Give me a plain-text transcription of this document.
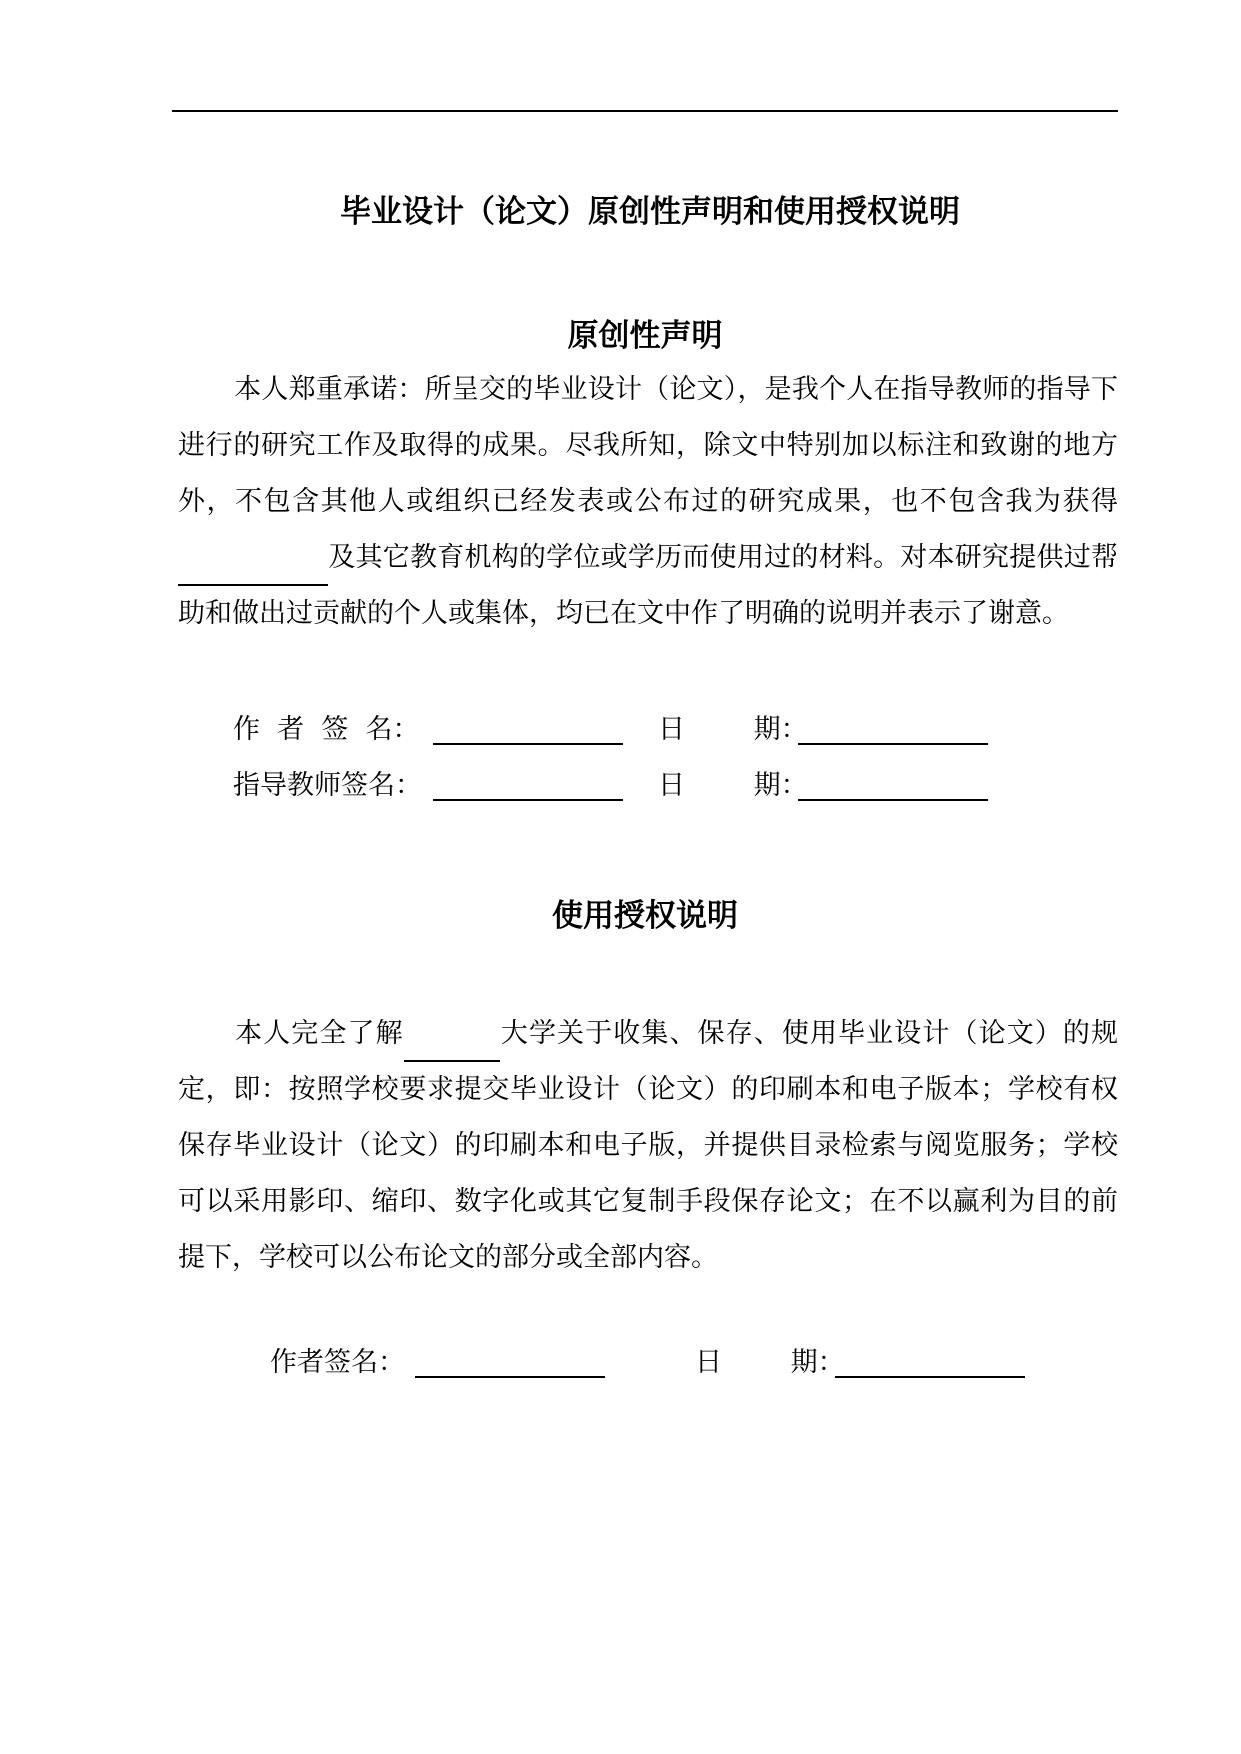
毕业设计（论文）原创性声明和使用授权说明
原创性声明

本人郑重承诺：所呈交的毕业设计（论文），是我个人在指导教师的指导下进行的研究工作及取得的成果。尽我所知，除文中特别加以标注和致谢的地方外，不包含其他人或组织已经发表或公布过的研究成果，也不包含我为获得及其它教育机构的学位或学历而使用过的材料。对本研究提供过帮助和做出过贡献的个人或集体，均已在文中作了明确的说明并表示了谢意。

作  者  签  名：	日        期：
指导教师签名：	日        期：
使用授权说明

本人完全了解	大学关于收集、保存、使用毕业设计（论文）的规定，即：按照学校要求提交毕业设计（论文）的印刷本和电子版本；学校有权保存毕业设计（论文）的印刷本和电子版，并提供目录检索与阅览服务；学校可以采用影印、缩印、数字化或其它复制手段保存论文；在不以赢利为目的前提下，学校可以公布论文的部分或全部内容。

作者签名：	日        期：
